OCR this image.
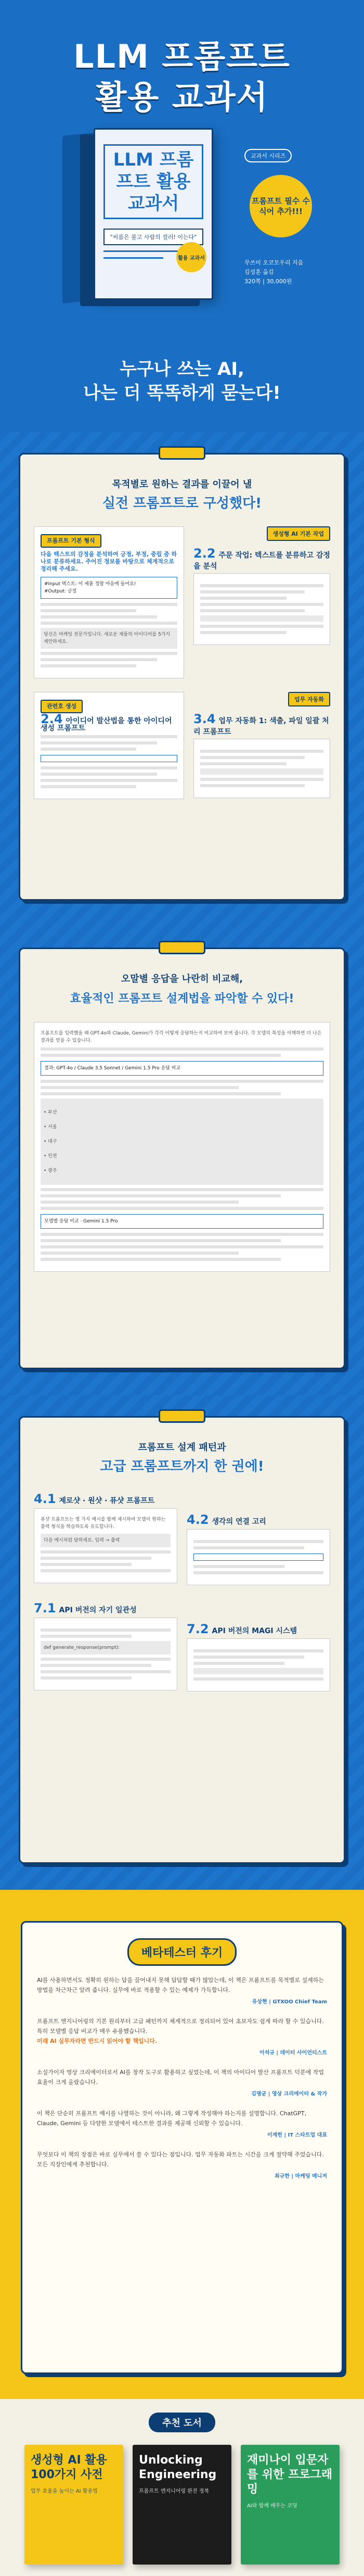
LLM 프롬프트
활용 교과서
LLM 프롬프트 활용 교과서
"씨름은 불고 사람의 컬러! 이는다"
활용 교과서
교과서 시리즈
프롬프트 필수 수식어 추가!!!
무쓰미 오코모우리 지음
김성훈 옮김
320쪽 | 30,000원
누구나 쓰는 AI,
나는 더 똑똑하게 묻는다!
목적별로 원하는 결과를 이끌어 낼
실전 프롬프트로 구성했다!
프롬프트 기본 형식
다음 텍스트의 감정을 분석하여 긍정, 부정, 중립 중 하나로 분류하세요. 주어진 정보를 바탕으로 체계적으로 정리해 주세요.
#Input 텍스트: 이 제품 정말 마음에 들어요!
#Output: 긍정
당신은 마케팅 전문가입니다. 새로운 제품의 아이디어를 5가지 제안하세요.
생성형 AI 기본 작업
2.2 주문 작업: 텍스트를 분류하고 감정을 분석
관련호 생성
2.4 아이디어 발산법을 통한 아이디어 생성 프롬프트
업무 자동화
3.4 업무 자동화 1: 색출, 파일 일괄 처리 프롬프트
오말별 응답을 나란히 비교해,
효율적인 프롬프트 설계법을 파악할 수 있다!
프롬프트를 입력했을 때 GPT-4o와 Claude, Gemini가 각각 어떻게 응답하는지 비교하여 보여 줍니다. 각 모델의 특성을 이해하면 더 나은 결과를 얻을 수 있습니다.
결과: GPT-4o / Claude 3.5 Sonnet / Gemini 1.5 Pro 응답 비교

• 부산

• 서울

• 대구

• 인천

• 광주

모델별 응답 비교 · Gemini 1.5 Pro
프롬프트 설계 패턴과
고급 프롬프트까지 한 권에!
4.1 제로샷 · 원샷 · 퓨샷 프롬프트
퓨샷 프롬프트는 몇 가지 예시를 함께 제시하여 모델이 원하는 출력 형식을 학습하도록 유도합니다.
다음 예시처럼 답하세요. 입력 → 출력
4.2 생각의 연결 고리
7.1 API 버전의 자기 일관성
def generate_response(prompt):
7.2 API 버전의 MAGI 시스템
베타테스터 후기
AI를 사용하면서도 정확히 원하는 답을 끌어내지 못해 답답할 때가 많았는데, 이 책은 프롬프트를 목적별로 설계하는 방법을 차근차근 알려 줍니다. 실무에 바로 적용할 수 있는 예제가 가득합니다.
유상현 | GTXOO Chief Team
프롬프트 엔지니어링의 기본 원리부터 고급 패턴까지 체계적으로 정리되어 있어 초보자도 쉽게 따라 할 수 있습니다. 특히 모델별 응답 비교가 매우 유용했습니다.
미래 AI 실무자라면 반드시 읽어야 할 책입니다.
이석규 | 데이터 사이언티스트
소설가이자 영상 크리에이터로서 AI를 창작 도구로 활용하고 싶었는데, 이 책의 아이디어 발산 프롬프트 덕분에 작업 효율이 크게 올랐습니다.
김명균 | 영상 크리에이터 & 작가
이 책은 단순히 프롬프트 예시를 나열하는 것이 아니라, 왜 그렇게 작성해야 하는지를 설명합니다. ChatGPT, Claude, Gemini 등 다양한 모델에서 테스트한 결과를 제공해 신뢰할 수 있습니다.
이재헌 | IT 스타트업 대표
무엇보다 이 책의 장점은 바로 실무에서 쓸 수 있다는 점입니다. 업무 자동화 파트는 시간을 크게 절약해 주었습니다. 모든 직장인에게 추천합니다.
최규한 | 마케팅 매니저
추천 도서
생성형 AI 활용 100가지 사전
업무 효율을 높이는 AI 활용법
Unlocking Engineering
프롬프트 엔지니어링 완전 정복
재미나이 입문자를 위한 프로그래밍
AI와 함께 배우는 코딩
